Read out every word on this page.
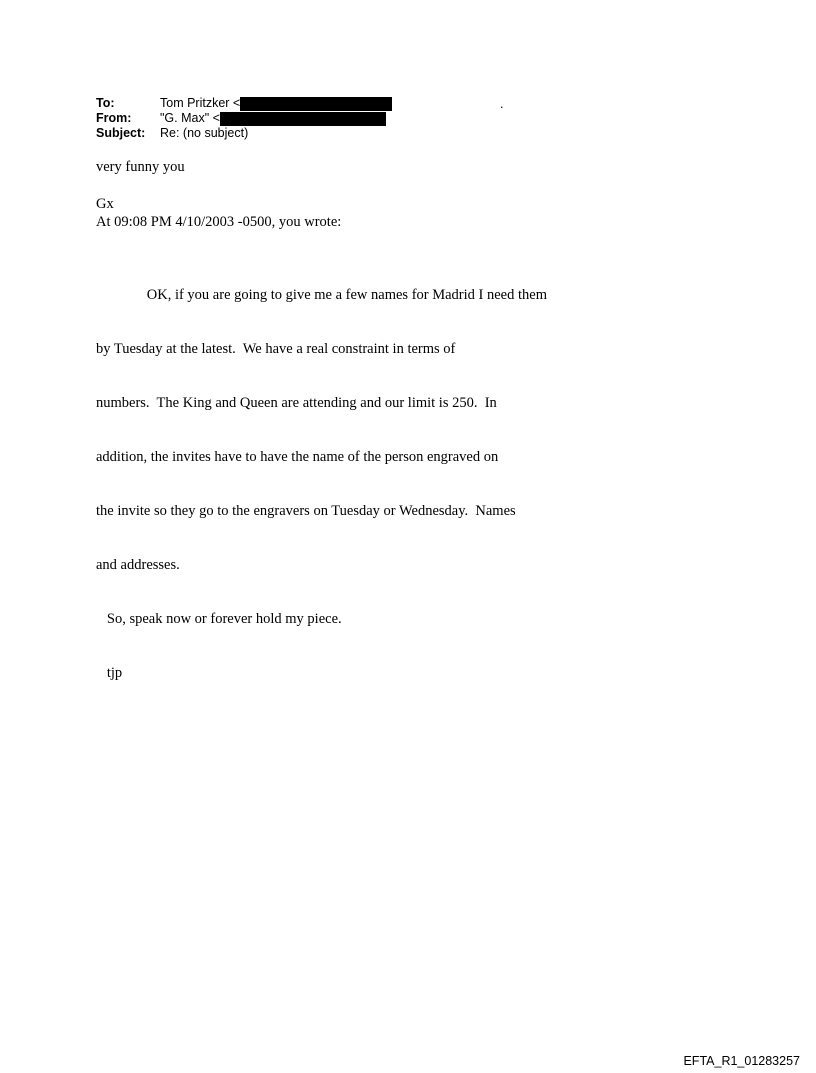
To:	Tom Pritzker <
From:	"G. Max" <
Subject:	Re: (no subject)
.
very funny you
Gx
At 09:08 PM 4/10/2003 -0500, you wrote:

OK, if you are going to give me a few names for Madrid I need them

by Tuesday at the latest.  We have a real constraint in terms of

numbers.  The King and Queen are attending and our limit is 250.  In

addition, the invites have to have the name of the person engraved on

the invite so they go to the engravers on Tuesday or Wednesday.  Names

and addresses.

So, speak now or forever hold my piece.

tjp

EFTA_R1_01283257
